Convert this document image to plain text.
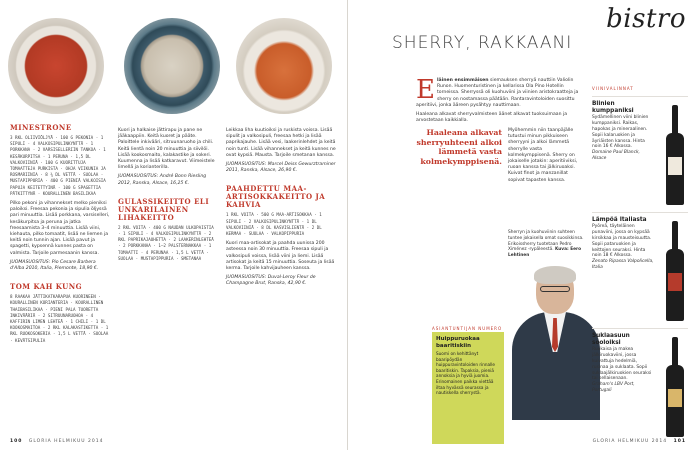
MINESTRONE
3 RKL OLIIVIÖLJYÄ · 100 G PEKONIA · 1 SIPULI · 4 VALKOSIPULINKYNTTÄ · 1 PORKKANA · 2 VARSISELLERIIN TANKOA · 1 KESÄKURPITSA · 1 PERUNA · 1,5 DL VALKOVIINIÄ · 100 G KUORITTUJA TOMAATTEJA PURKISTA · OHJA VIIKUNIA JA ROSMARIINIA · 8 ¾ DL VETTÄ · SUOLAA · MUSTAPIPPURIA · 400 G PIENIÄ VALKOISIA PAPUJA KEITETTYINÄ · 100 G SPAGETTIA PÄTKITTYNÄ · KOURALLINEN BASILIKAA

Pilko pekoni ja vihannekset melko pieniksi paloiksi. Freesaa pekonia ja sipulia öljyssä pari minuuttia. Lisää porkkana, varsiselleri, kesäkurpitsa ja peruna ja jatka freesaamista 3–4 minuuttia. Lisää viini, kiehauta, pilko tomaatit, lisää ne liemen ja keitä noin tunnin ajan. Lisää pavut ja spagetti, kypsennä kunnes pasta on valmista. Tarjoile parmesaanin kanssa.

JUOMASUOSITUS: Pio Cesare Barbera d'Alba 2010, Italia, Piemonte, 18,90 €.

TOM KAH KUNG
8 RAAKAA JÄTTIKATKARAPUA KUORINEEN · KOURALLINEN KORIANTERIA · KOURALLINEN THAIBASILIKAA · PIENI PALA TUORETTA INKIVÄÄRIÄ · 2 SITRUUNARUOHOA · 4 KAFFIRIN LIMEN LEHTEÄ · 1 CHILI · 1 DL KOOKOSMAITOA · 2 RKL KALAKASTIKETTA · 1 RKL RUOKOSOKERIA · 1,5 L VETTÄ · SUOLAA · KEVÄTSIPULIA

Kuori ja halkaise jättirapu ja pane ne jääkaappiin. Keitä kuoret ja pääte. Paloittele inkivääri, sitruunaruoho ja chili. Keitä lientä noin 20 minuuttia ja siivilöi. Lisää kookosmaito, kalakastike ja sokeri. Kuumenna ja lisää katkaravut. Viimeistele limellä ja korianterilla.

JUOMASUOSITUS: André Bonn Riesling 2012, Ranska, Alsace, 16,25 €.

GULASSIKEITTO ELI UNKARILAINEN LIHAKEITTO
2 RKL VOITA · 400 G NAUDAN ULKOPAISTIA · 1 SIPULI · 4 VALKOSIPULINKYNTTÄ · 2 RKL PAPRIKAJAUHETTA · 2 LAAKERINLEHTEÄ · 2 PORKKANAA · 1–2 PALSTERNAKKAA · 1 TOMAATTI · 4 PERUNAA · 1,5 L VETTÄ · SUOLAA · MUSTAPIPPURIA · SMETANAA

Leikkaa liha kuutioiksi ja ruskista voissa. Lisää sipulit ja valkosipuli, freesaa hetki ja lisää paprikajauhe. Lisää vesi, laakerinlehdet ja keitä noin tunti. Lisää vihannekset ja keitä kunnes ne ovat kypsiä. Mausta. Tarjoile smetanan kanssa.

JUOMASUOSITUS: Marcel Deiss Gewurztraminer 2011, Ranska, Alsace, 26,90 €.

PAAHDETTU MAA-ARTISOKKAKEITTO JA KAHVIA
1 RKL VOITA · 500 G MAA-ARTISOKKAA · 1 SIPULI · 2 VALKOSIPULINKYNTTÄ · 1 DL VALKOVIINIÄ · 8 DL KASVISLIENTÄ · 2 DL KERMAA · SUOLAA · VALKOPIPPURIA

Kuori maa-artisokat ja paahda uunissa 200 asteessa noin 30 minuuttia. Freesaa sipuli ja valkosipuli voissa, lisää viini ja liemi. Lisää artisokat ja keitä 15 minuuttia. Soseuta ja lisää kerma. Tarjoile kahvijauheen kanssa.

JUOMASUOSITUS: Duval-Leroy Fleur de Champagne Brut, Ranska, 42,90 €.

100 GLORIA HELMIKUU 2014
bistro
SHERRY, RAKKAANI
E läinen ensimmäisen siemauksen sherryä nauttiin Valiolin Runon. Huomenturistinen ja kellarissa Ola Pino Hotellin torneissa. Sherryssä oli kuohuviini ja viinien aristokraatteja ja sherry on nostamassa päätään. Rantaravintoloiden suosittu aperitiivi, jonka ääreen pysähtyy nauttimaan.

Haaleana alkavat sherryvalmisteen äänet alkavat tuoksuimaan ja arvostetaan kaikkialla.

Haaleana alkavat sherryuhteeni alkoi lämmetä vasta kolmekymppisenä.
Myöhemmin niin taanpäjälle tutustui minun pikkuiseen sherryyni ja alkoi lämmetä sherrylle vasta kolmekymppisenä. Sherry on jokaiselle jotakin: aperitiiviksi, ruoan kanssa tai jälkiruoaksi. Kuivat finot ja manzanillat sopivat tapasten kanssa.
Sherryn ja kuohuviinin suhteen tuntee jokaisella omat suosikkinsa. Erikoissherry tuotetaan Pedro Ximénez -rypäleestä. Kuva: Eero Lehtinen
ASIANTUNTIJAN NUMERO
Huippuruokaa baaritiskiin

Suomi on kehittänyt baaripöydän huippuravintoloiden rinnalle baaritiskin. Tapaksia, pieniä annoksia ja hyviä juomia. Erinomainen paikka viettää iltaa hyvässä seurassa ja nautiskella sherrystä.

VIINIVALINNAT
Blinien kumppaniksi

Sydämellinen viini blinien kumppaniksi. Raikas, hapokas ja mineraalinen. Sopii kalaruokien ja äyriäisten kanssa. Hinta noin 16 € Alkossa.

Domaine Paul Blanck, Alsace

Lämpöä Italiasta

Pyöreä, täyteläinen punaviini, jossa on kypsää kirsikkaa ja mausteisuutta. Sopii pataruokien ja keittojen seuraksi. Hinta noin 18 € Alkossa.

Zenato Ripassa Valpolicella, Italia

Suklaasuun sooloiksi

Ruokaisa ja makea jälkiruokaviini, jossa kuivattuja hedelmiä, rusinaa ja suklaata. Sopii suklaajälkiruokien seuraksi tai sellaisenaan.

Graham's LBV Port, Portugali

GLORIA HELMIKUU 2014 101
